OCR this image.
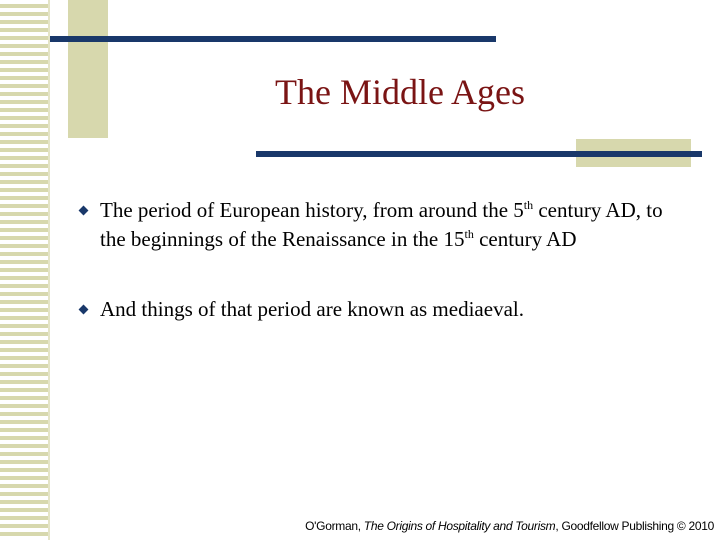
The Middle Ages
The period of European history, from around the 5th century AD, to the beginnings of the Renaissance in the 15th century AD
And things of that period are known as mediaeval.
O'Gorman, The Origins of Hospitality and Tourism, Goodfellow Publishing © 2010
